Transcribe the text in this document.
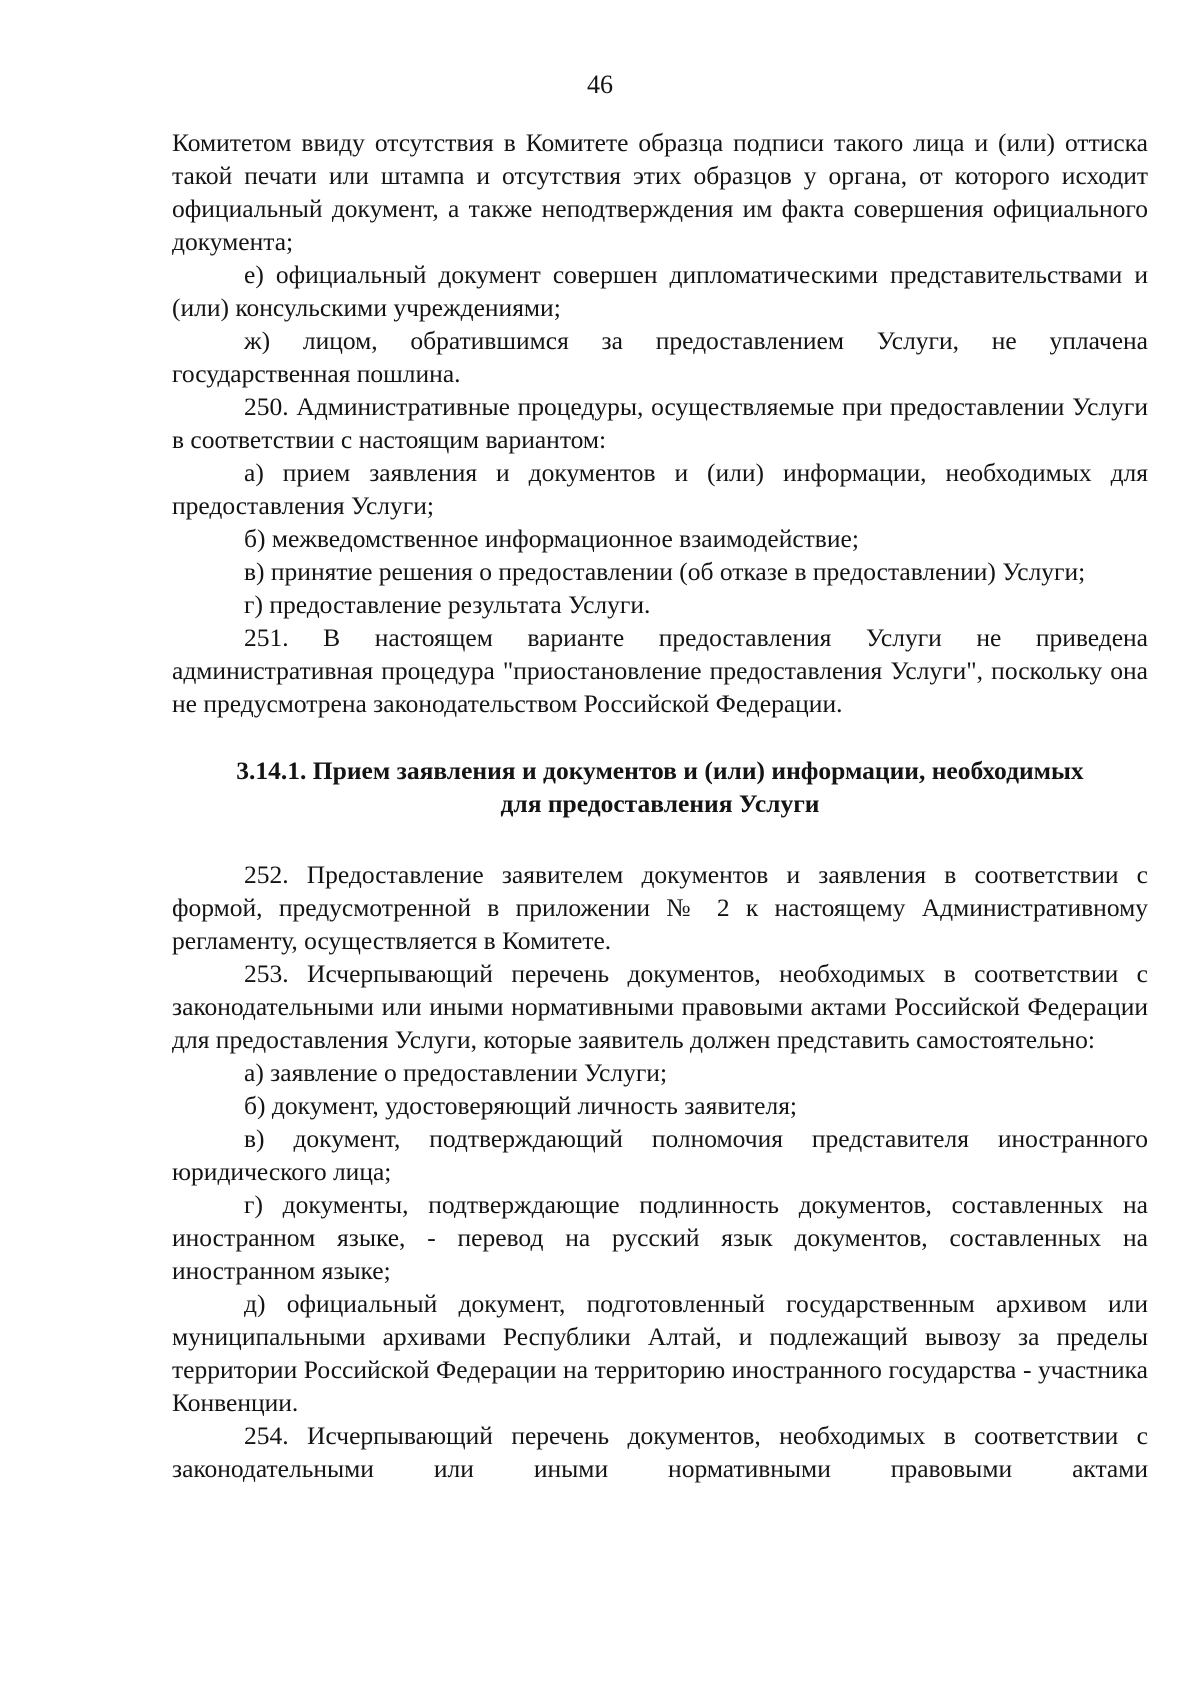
46

Комитетом ввиду отсутствия в Комитете образца подписи такого лица и (или) оттиска такой печати или штампа и отсутствия этих образцов у органа, от которого исходит официальный документ, а также неподтверждения им факта совершения официального документа;

е) официальный документ совершен дипломатическими представительствами и (или) консульскими учреждениями;

ж) лицом, обратившимся за предоставлением Услуги, не уплачена государственная пошлина.

250. Административные процедуры, осуществляемые при предоставлении Услуги в соответствии с настоящим вариантом:

а) прием заявления и документов и (или) информации, необходимых для предоставления Услуги;

б) межведомственное информационное взаимодействие;

в) принятие решения о предоставлении (об отказе в предоставлении) Услуги;

г) предоставление результата Услуги.

251. В настоящем варианте предоставления Услуги не приведена административная процедура "приостановление предоставления Услуги", поскольку она не предусмотрена законодательством Российской Федерации.

3.14.1. Прием заявления и документов и (или) информации, необходимых
для предоставления Услуги

252. Предоставление заявителем документов и заявления в соответствии с формой, предусмотренной в приложении № 2 к настоящему Административному регламенту, осуществляется в Комитете.

253. Исчерпывающий перечень документов, необходимых в соответствии с законодательными или иными нормативными правовыми актами Российской Федерации для предоставления Услуги, которые заявитель должен представить самостоятельно:

а) заявление о предоставлении Услуги;

б) документ, удостоверяющий личность заявителя;

в) документ, подтверждающий полномочия представителя иностранного юридического лица;

г) документы, подтверждающие подлинность документов, составленных на иностранном языке, - перевод на русский язык документов, составленных на иностранном языке;

д) официальный документ, подготовленный государственным архивом или муниципальными архивами Республики Алтай, и подлежащий вывозу за пределы территории Российской Федерации на территорию иностранного государства - участника Конвенции.

254. Исчерпывающий перечень документов, необходимых в соответствии с законодательными или иными нормативными правовыми актами
